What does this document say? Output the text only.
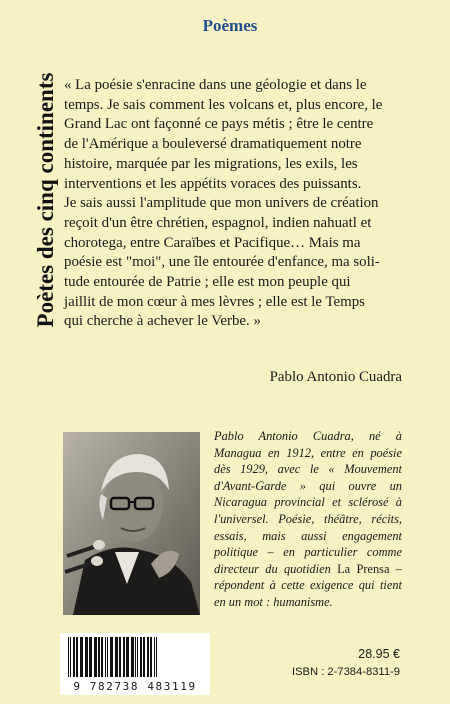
Poètes des cinq continents
Poèmes
« La poésie s'enracine dans une géologie et dans le
temps. Je sais comment les volcans et, plus encore, le
Grand Lac ont façonné ce pays métis ; être le centre
de l'Amérique a bouleversé dramatiquement notre
histoire, marquée par les migrations, les exils, les
interventions et les appétits voraces des puissants.
Je sais aussi l'amplitude que mon univers de création
reçoit d'un être chrétien, espagnol, indien nahuatl et
chorotega, entre Caraïbes et Pacifique… Mais ma
poésie est "moi", une île entourée d'enfance, ma soli-
tude entourée de Patrie ; elle est mon peuple qui
jaillit de mon cœur à mes lèvres ; elle est le Temps
qui cherche à achever le Verbe. »
Pablo Antonio Cuadra
Pablo Antonio Cuadra, né à Managua en 1912, entre en poésie dès 1929, avec le « Mouvement d'Avant-Garde » qui ouvre un Nicaragua provincial et sclérosé à l'universel. Poésie, théâtre, récits, essais, mais aussi engagement politique – en particulier comme directeur du quotidien La Prensa – répondent à cette exigence qui tient en un mot : humanisme.
9 782738 483119
28.95 €
ISBN : 2-7384-8311-9
